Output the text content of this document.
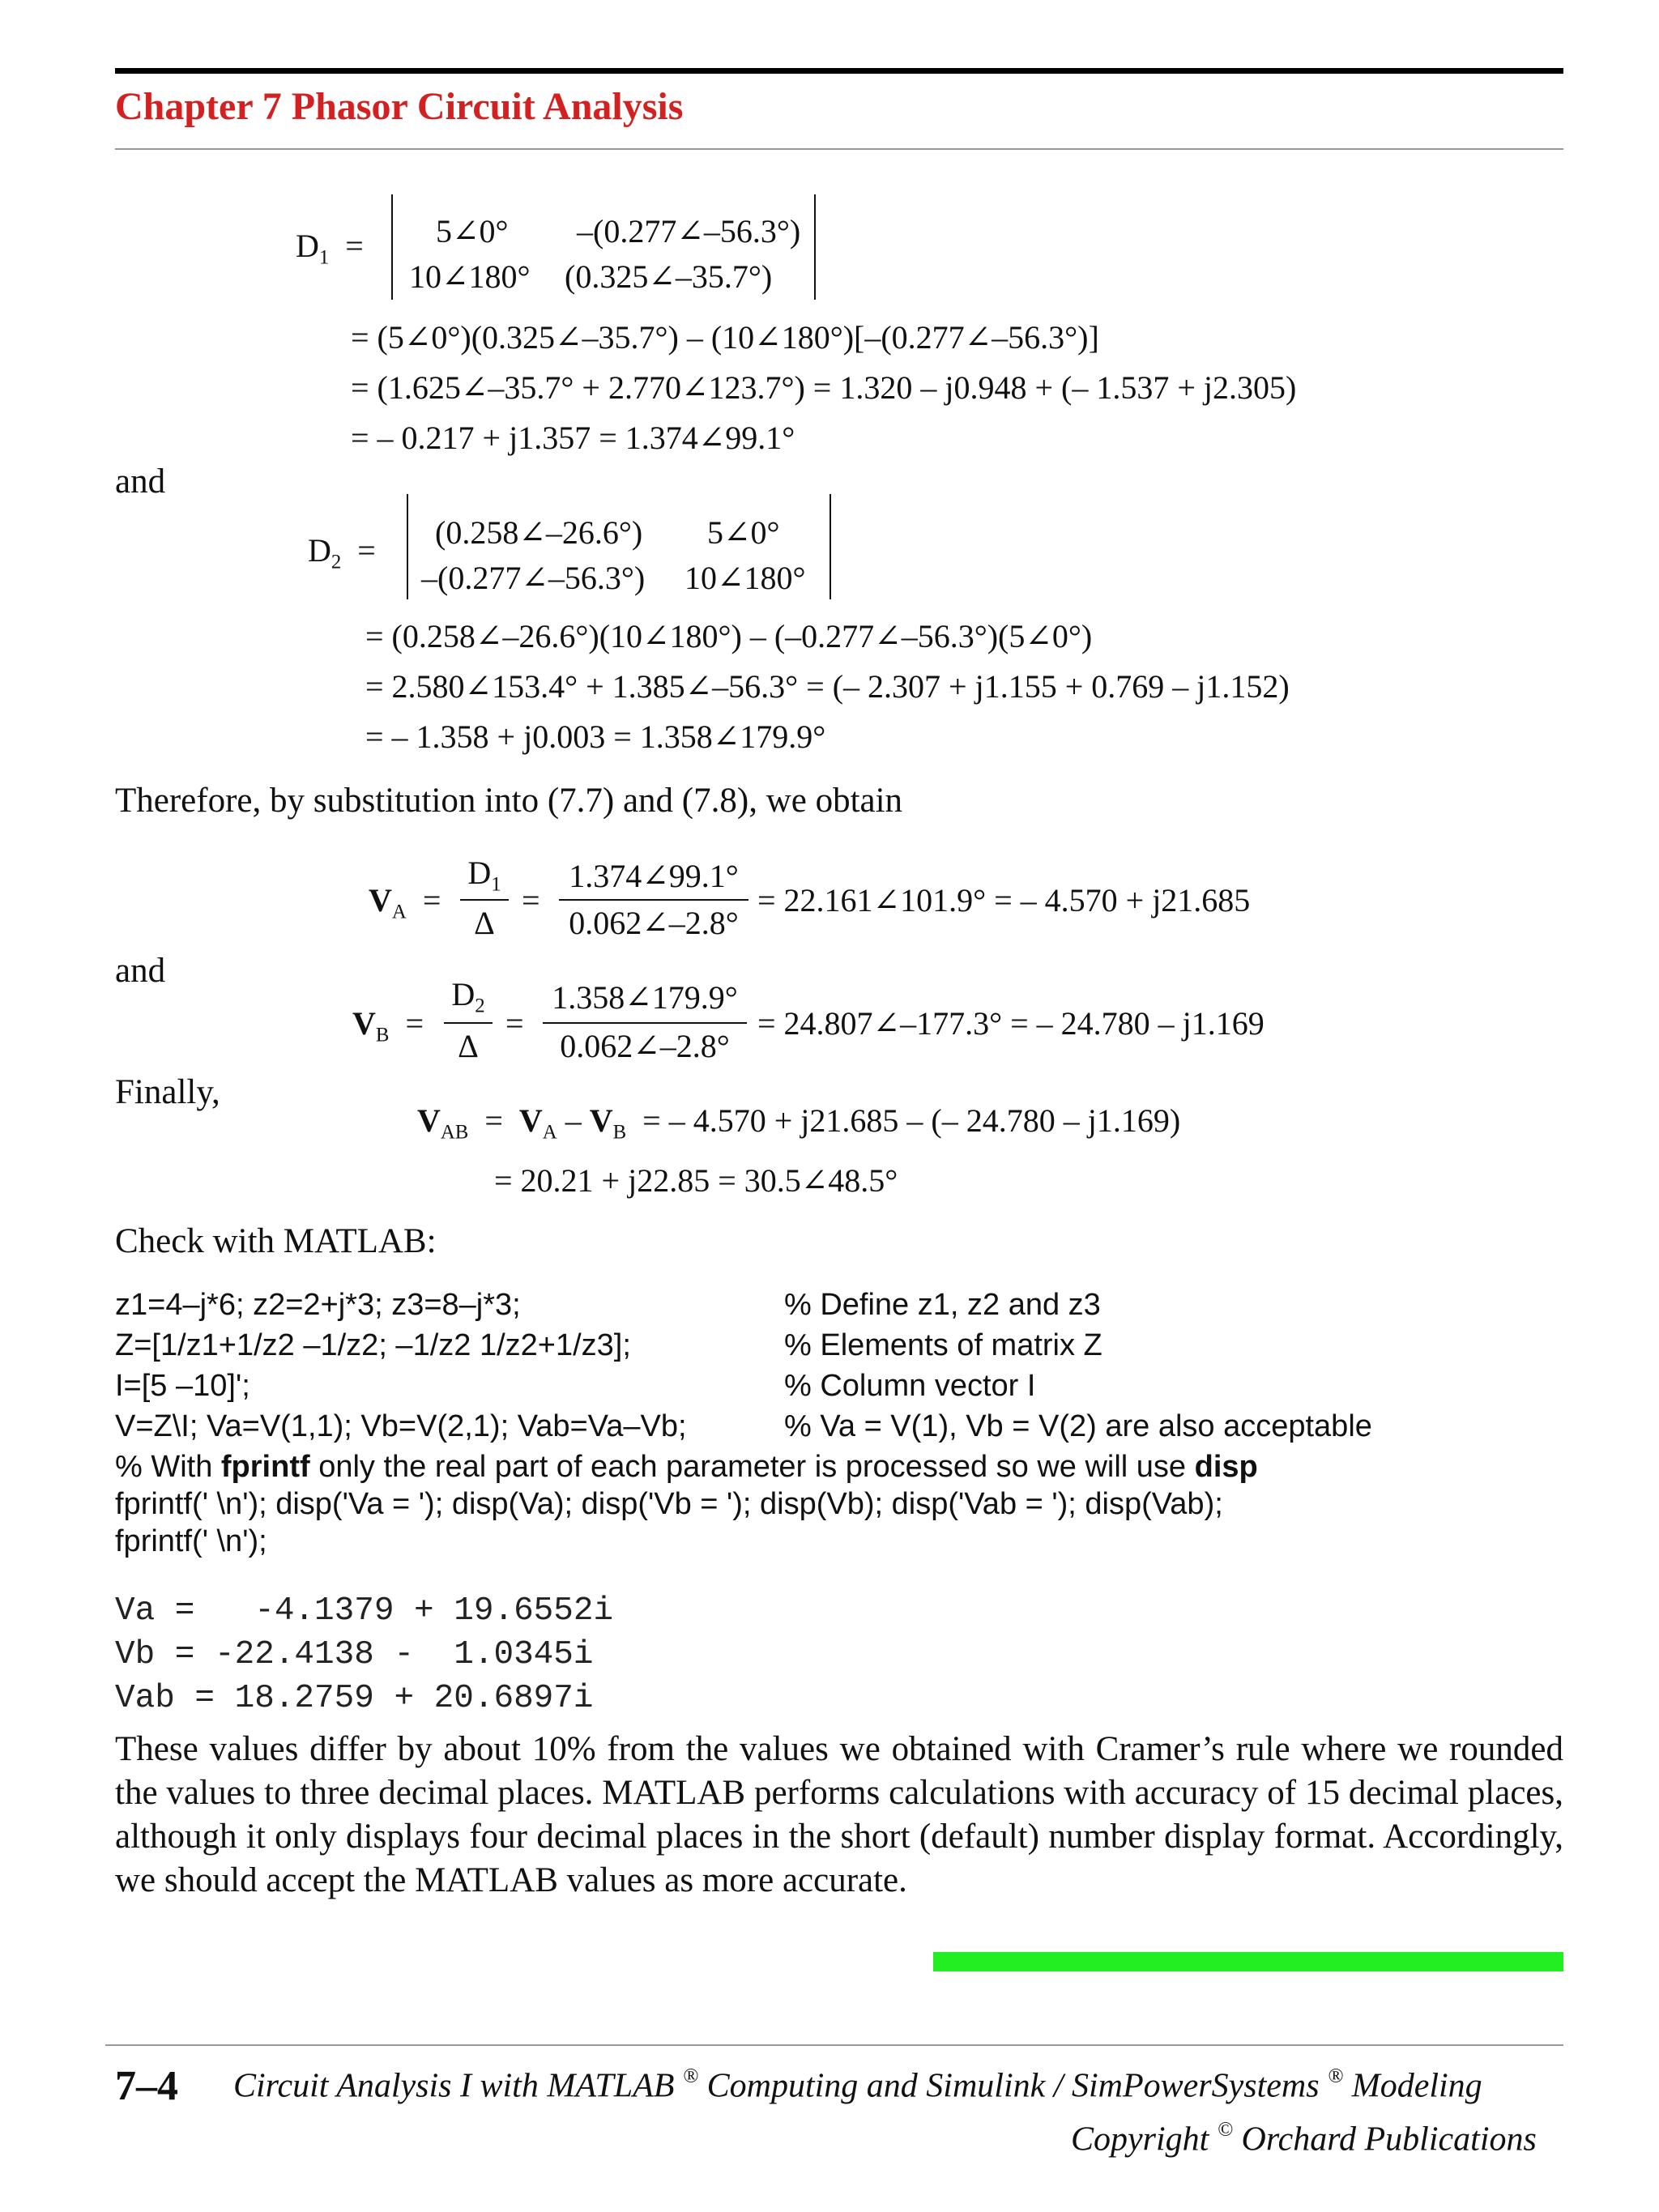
Chapter 7 Phasor Circuit Analysis
$D_1$ = 5∠0° –(0.277∠–56.3°)
10∠180° (0.325∠–35.7°)
= (5∠0°)(0.325∠–35.7°) – (10∠180°)[–(0.277∠–56.3°)]
= (1.625∠–35.7° + 2.770∠123.7°) = 1.320 – j0.948 + (– 1.537 + j2.305)
= – 0.217 + j1.357 = 1.374∠99.1°
and
$D_2$ = (0.258∠–26.6°) 5∠0°
–(0.277∠–56.3°) 10∠180°
= (0.258∠–26.6°)(10∠180°) – (–0.277∠–56.3°)(5∠0°)
= 2.580∠153.4° + 1.385∠–56.3° = (– 2.307 + j1.155 + 0.769 – j1.152)
= – 1.358 + j0.003 = 1.358∠179.9°
Therefore, by substitution into (7.7) and (7.8), we obtain
$V_A$ =
$D_1$
Δ
=
1.374∠99.1°
0.062∠–2.8°
= 22.161∠101.9° = – 4.570 + j21.685
and
$V_B$ =
$D_2$
Δ
=
1.358∠179.9°
0.062∠–2.8°
= 24.807∠–177.3° = – 24.780 – j1.169
Finally,
$V_{AB} = V_A - V_B$ = – 4.570 + j21.685 – (– 24.780 – j1.169)
= 20.21 + j22.85 = 30.5∠48.5°
Check with MATLAB:
z1=4–j*6; z2=2+j*3; z3=8–j*3;	% Define z1, z2 and z3
Z=[1/z1+1/z2 –1/z2; –1/z2 1/z2+1/z3];	% Elements of matrix Z
I=[5 –10]';	% Column vector I
V=Z\I; Va=V(1,1); Vb=V(2,1); Vab=Va–Vb;	% Va = V(1), Vb = V(2) are also acceptable
% With fprintf only the real part of each parameter is processed so we will use disp
fprintf(' \n'); disp('Va = '); disp(Va); disp('Vb = '); disp(Vb); disp('Vab = '); disp(Vab);
fprintf(' \n');
Va =   -4.1379 + 19.6552i
Vb = -22.4138 -  1.0345i
Vab = 18.2759 + 20.6897i
These values differ by about 10% from the values we obtained with Cramer’s rule where we rounded the values to three decimal places. MATLAB performs calculations with accuracy of 15 decimal places, although it only displays four decimal places in the short (default) number display format. Accordingly, we should accept the MATLAB values as more accurate.
7–4 Circuit Analysis I with MATLAB ® Computing and Simulink / SimPowerSystems ® Modeling
Copyright © Orchard Publications
